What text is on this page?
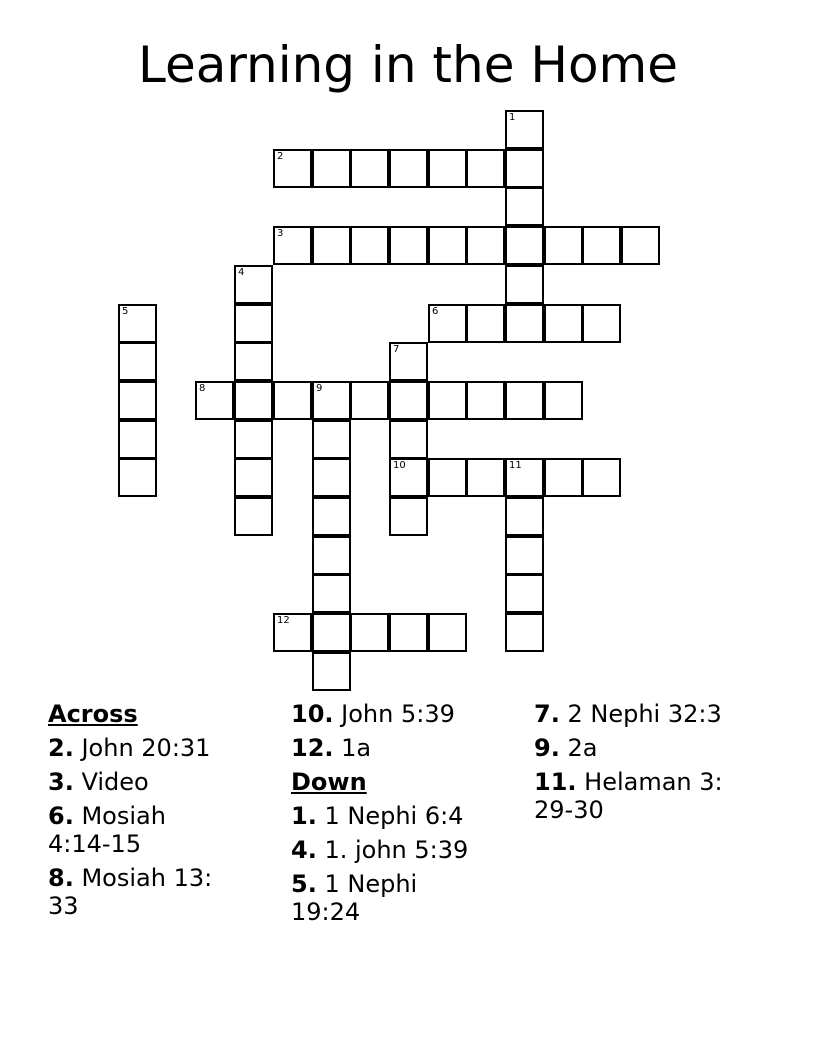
Learning in the Home
1
2
3
4
5	6
7
10
8	9
11
12
Across
2. John 20:31
3. Video
6. Mosiah 4:14-15
8. Mosiah 13: 33
10. John 5:39
12. 1a
Down
1. 1 Nephi 6:4
4. 1. john 5:39
5. 1 Nephi 19:24
7. 2 Nephi 32:3
9. 2a
11. Helaman 3: 29-30
